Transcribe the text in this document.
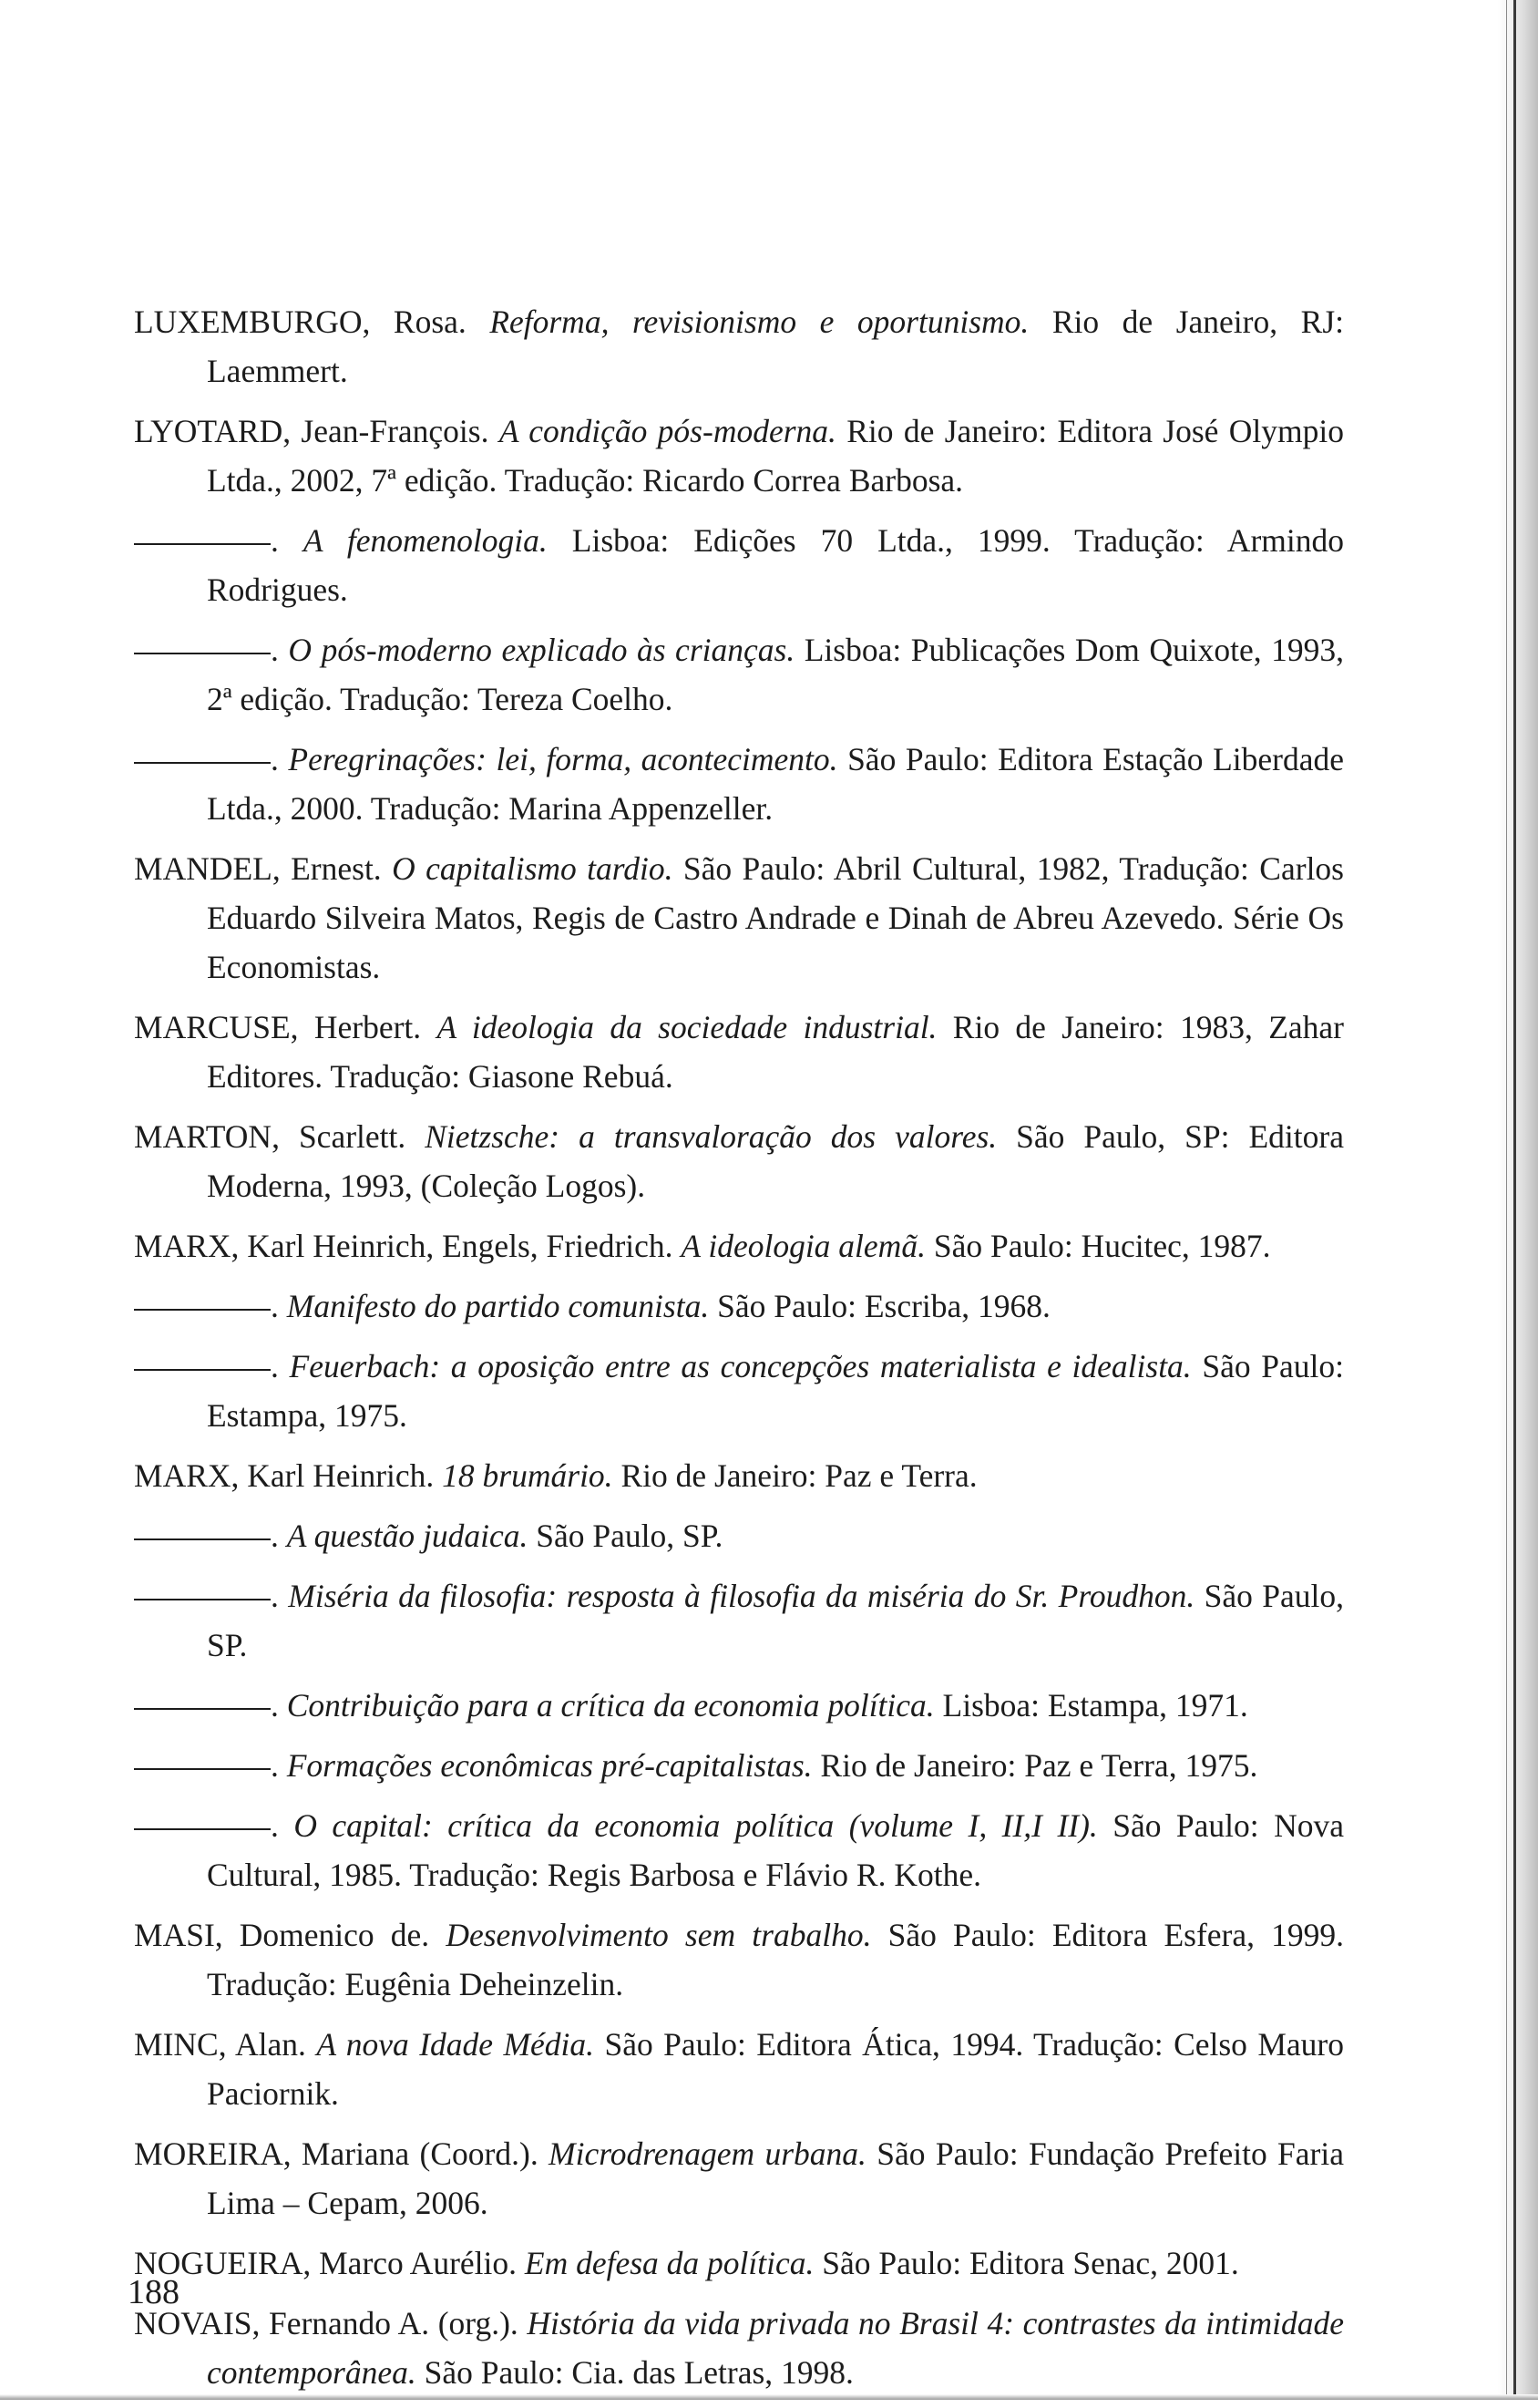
LUXEMBURGO, Rosa. Reforma, revisionismo e oportunismo. Rio de Janeiro, RJ: Laemmert.

LYOTARD, Jean-François. A condição pós-moderna. Rio de Janeiro: Editora José Olympio Ltda., 2002, 7ª edição. Tradução: Ricardo Correa Barbosa.

. A fenomenologia. Lisboa: Edições 70 Ltda., 1999. Tradução: Armindo Rodrigues.

. O pós-moderno explicado às crianças. Lisboa: Publicações Dom Quixote, 1993, 2ª edição. Tradução: Tereza Coelho.

. Peregrinações: lei, forma, acontecimento. São Paulo: Editora Estação Liberdade Ltda., 2000. Tradução: Marina Appenzeller.

MANDEL, Ernest. O capitalismo tardio. São Paulo: Abril Cultural, 1982, Tradução: Carlos Eduardo Silveira Matos, Regis de Castro Andrade e Dinah de Abreu Azevedo. Série Os Economistas.

MARCUSE, Herbert. A ideologia da sociedade industrial. Rio de Janeiro: 1983, Zahar Editores. Tradução: Giasone Rebuá.

MARTON, Scarlett. Nietzsche: a transvaloração dos valores. São Paulo, SP: Editora Moderna, 1993, (Coleção Logos).

MARX, Karl Heinrich, Engels, Friedrich. A ideologia alemã. São Paulo: Hucitec, 1987.

. Manifesto do partido comunista. São Paulo: Escriba, 1968.

. Feuerbach: a oposição entre as concepções materialista e idealista. São Paulo: Estampa, 1975.

MARX, Karl Heinrich. 18 brumário. Rio de Janeiro: Paz e Terra.

. A questão judaica. São Paulo, SP.

. Miséria da filosofia: resposta à filosofia da miséria do Sr. Proudhon. São Paulo, SP.

. Contribuição para a crítica da economia política. Lisboa: Estampa, 1971.

. Formações econômicas pré-capitalistas. Rio de Janeiro: Paz e Terra, 1975.

. O capital: crítica da economia política (volume I, II,I II). São Paulo: Nova Cultural, 1985. Tradução: Regis Barbosa e Flávio R. Kothe.

MASI, Domenico de. Desenvolvimento sem trabalho. São Paulo: Editora Esfera, 1999. Tradução: Eugênia Deheinzelin.

MINC, Alan. A nova Idade Média. São Paulo: Editora Ática, 1994. Tradução: Celso Mauro Paciornik.

MOREIRA, Mariana (Coord.). Microdrenagem urbana. São Paulo: Fundação Prefeito Faria Lima – Cepam, 2006.

NOGUEIRA, Marco Aurélio. Em defesa da política. São Paulo: Editora Senac, 2001.

NOVAIS, Fernando A. (org.). História da vida privada no Brasil 4: contrastes da intimidade contemporânea. São Paulo: Cia. das Letras, 1998.

188
